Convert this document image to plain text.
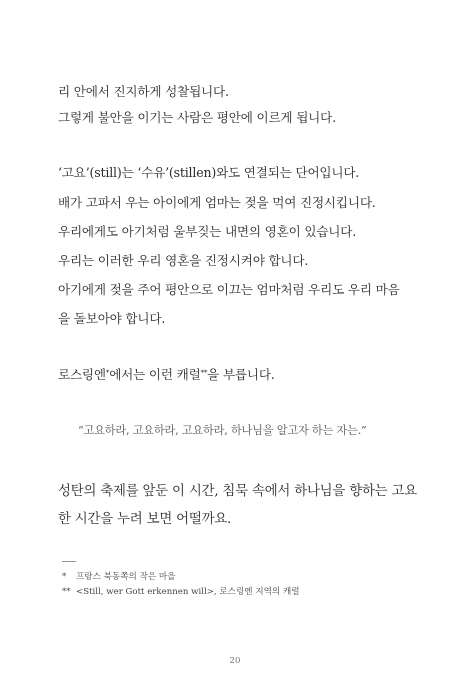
리 안에서 진지하게 성찰됩니다.
그렇게 불안을 이기는 사람은 평안에 이르게 됩니다.
‘고요’(still)는 ‘수유’(stillen)와도 연결되는 단어입니다.
배가 고파서 우는 아이에게 엄마는 젖을 먹여 진정시킵니다.
우리에게도 아기처럼 울부짖는 내면의 영혼이 있습니다.
우리는 이러한 우리 영혼을 진정시켜야 합니다.
아기에게 젖을 주어 평안으로 이끄는 엄마처럼 우리도 우리 마음
을 돌보아야 합니다.
로스링엔*에서는 이런 캐럴**을 부릅니다.
“고요하라, 고요하라, 고요하라, 하나님을 알고자 하는 자는.”
성탄의 축제를 앞둔 이 시간, 침묵 속에서 하나님을 향하는 고요
한 시간을 누려 보면 어떨까요.
* 프랑스 북동쪽의 작은 마을
** <Still, wer Gott erkennen will>, 로스링엔 지역의 캐럴
20
